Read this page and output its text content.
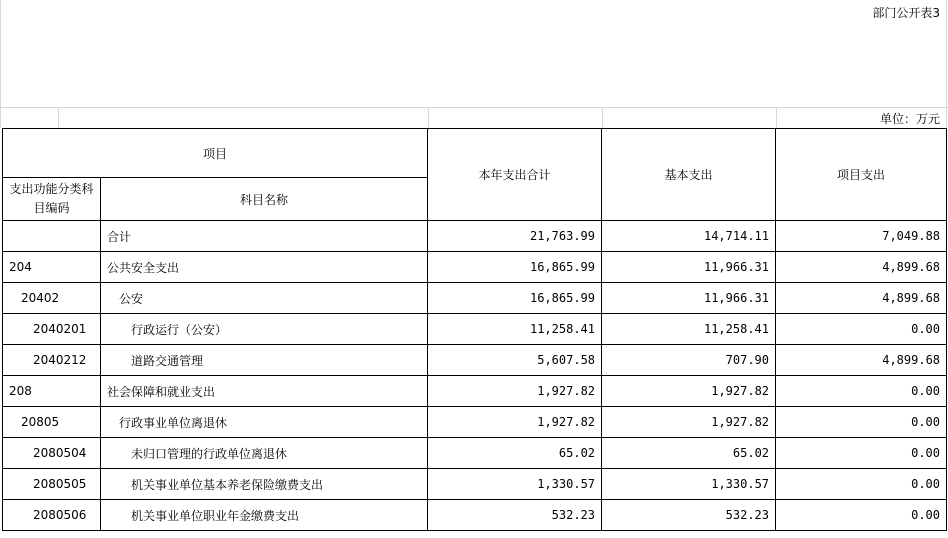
部门公开表3
单位：万元
项目		本年支出合计	基本支出	项目支出
支出功能分类科目编码	科目名称			
	合计	21,763.99	14,714.11	7,049.88
204	公共安全支出	16,865.99	11,966.31	4,899.68
20402	公安	16,865.99	11,966.31	4,899.68
2040201	行政运行（公安）	11,258.41	11,258.41	0.00
2040212	道路交通管理	5,607.58	707.90	4,899.68
208	社会保障和就业支出	1,927.82	1,927.82	0.00
20805	行政事业单位离退休	1,927.82	1,927.82	0.00
2080504	未归口管理的行政单位离退休	65.02	65.02	0.00
2080505	机关事业单位基本养老保险缴费支出	1,330.57	1,330.57	0.00
2080506	机关事业单位职业年金缴费支出	532.23	532.23	0.00
